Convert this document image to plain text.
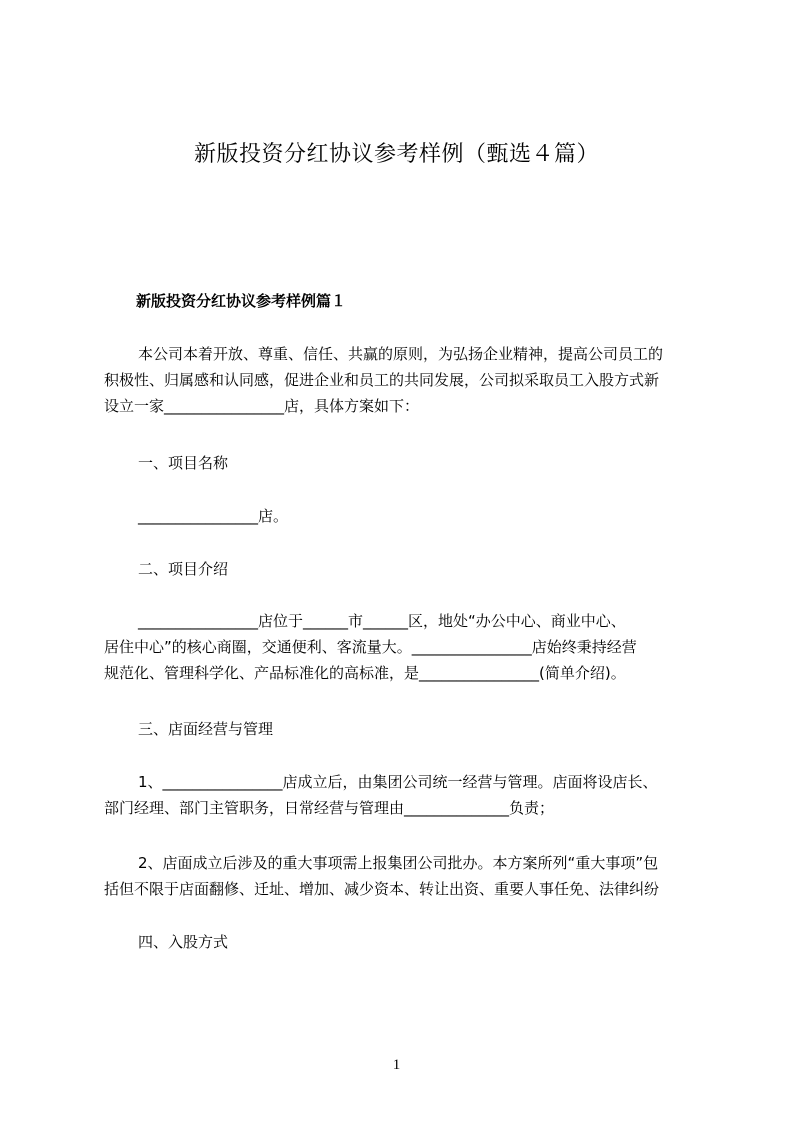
新版投资分红协议参考样例（甄选４篇）
新版投资分红协议参考样例篇１
本公司本着开放、尊重、信任、共赢的原则，为弘扬企业精神，提高公司员工的
积极性、归属感和认同感，促进企业和员工的共同发展，公司拟采取员工入股方式新
设立一家________________店，具体方案如下：
一、项目名称
________________店。
二、项目介绍
________________店位于______市______区，地处“办公中心、商业中心、
居住中心”的核心商圈，交通便利、客流量大。________________店始终秉持经营
规范化、管理科学化、产品标准化的高标准，是________________(简单介绍)。
三、店面经营与管理
1、________________店成立后，由集团公司统一经营与管理。店面将设店长、
部门经理、部门主管职务，日常经营与管理由______________负责；
2、店面成立后涉及的重大事项需上报集团公司批办。本方案所列“重大事项”包
括但不限于店面翻修、迁址、增加、减少资本、转让出资、重要人事任免、法律纠纷
四、入股方式
1
